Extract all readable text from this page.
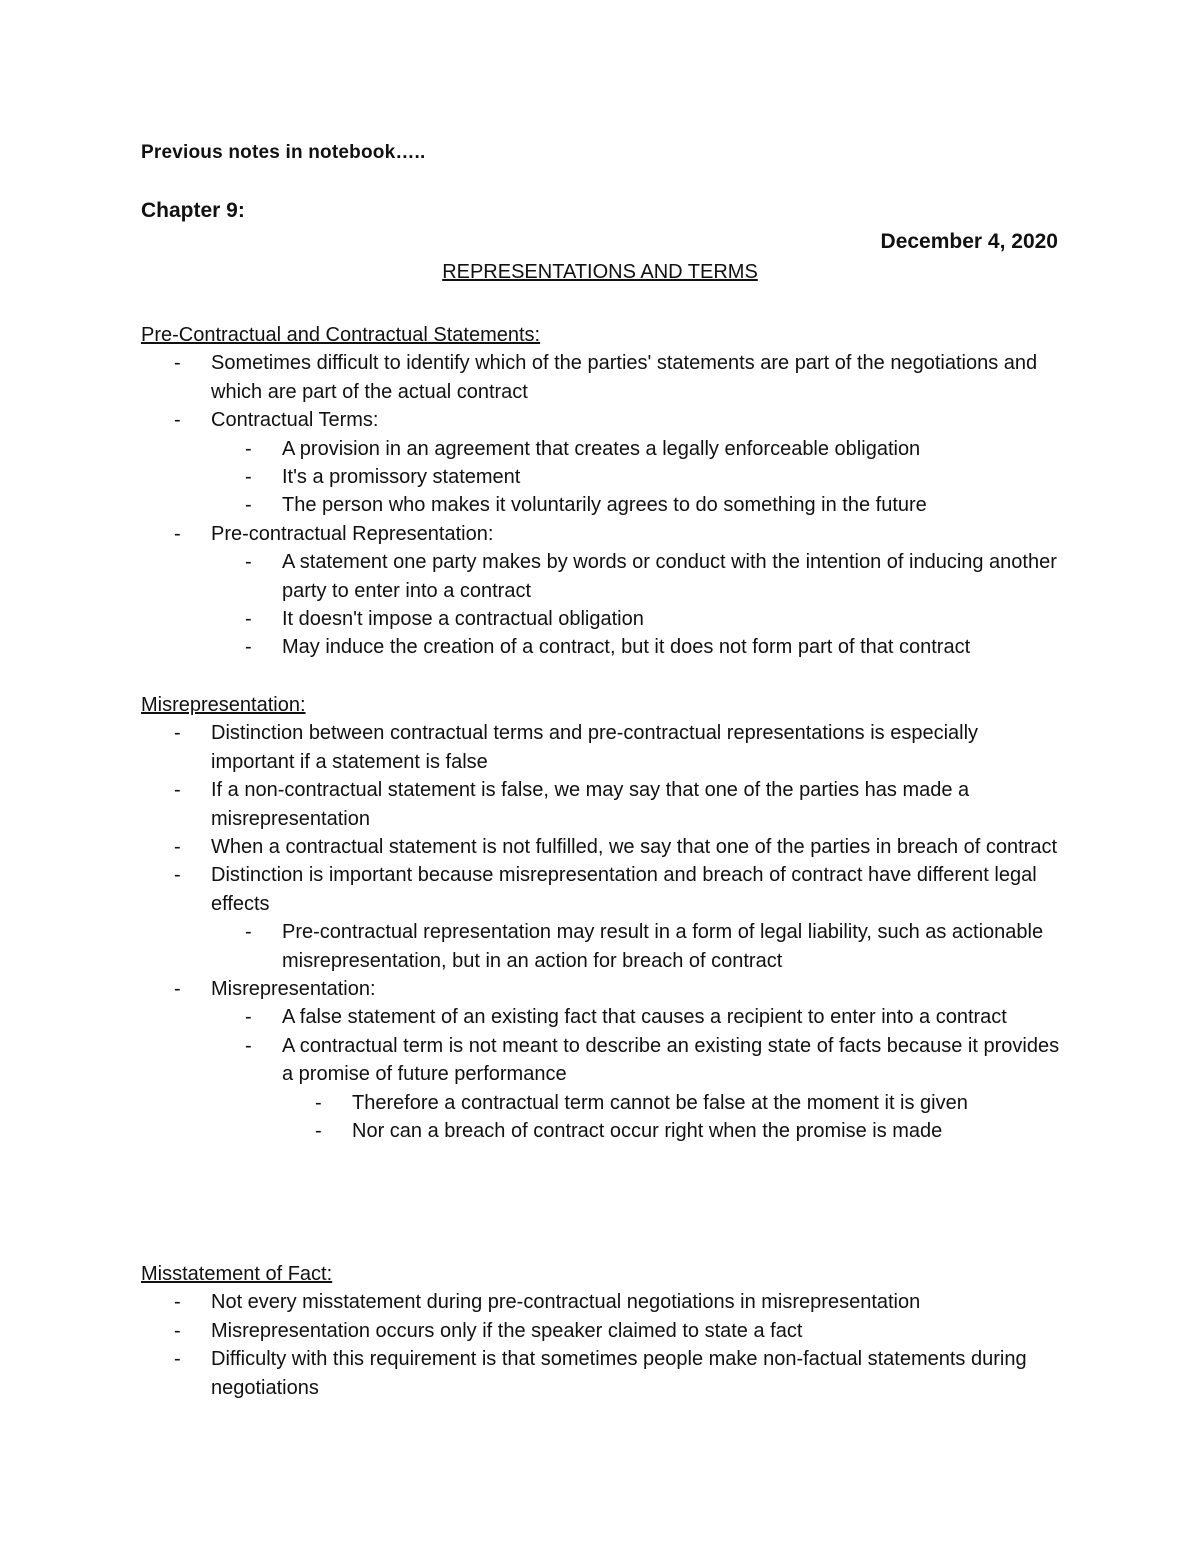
Previous notes in notebook…..
Chapter 9:
December 4, 2020
REPRESENTATIONS AND TERMS
Pre-Contractual and Contractual Statements:
- Sometimes difficult to identify which of the parties' statements are part of the negotiations and which are part of the actual contract
- Contractual Terms:
- A provision in an agreement that creates a legally enforceable obligation
- It's a promissory statement
- The person who makes it voluntarily agrees to do something in the future
- Pre-contractual Representation:
- A statement one party makes by words or conduct with the intention of inducing another party to enter into a contract
- It doesn't impose a contractual obligation
- May induce the creation of a contract, but it does not form part of that contract
Misrepresentation:
- Distinction between contractual terms and pre-contractual representations is especially important if a statement is false
- If a non-contractual statement is false, we may say that one of the parties has made a misrepresentation
- When a contractual statement is not fulfilled, we say that one of the parties in breach of contract
- Distinction is important because misrepresentation and breach of contract have different legal effects
- Pre-contractual representation may result in a form of legal liability, such as actionable misrepresentation, but in an action for breach of contract
- Misrepresentation:
- A false statement of an existing fact that causes a recipient to enter into a contract
- A contractual term is not meant to describe an existing state of facts because it provides a promise of future performance
- Therefore a contractual term cannot be false at the moment it is given
- Nor can a breach of contract occur right when the promise is made
Misstatement of Fact:
- Not every misstatement during pre-contractual negotiations in misrepresentation
- Misrepresentation occurs only if the speaker claimed to state a fact
- Difficulty with this requirement is that sometimes people make non-factual statements during negotiations
